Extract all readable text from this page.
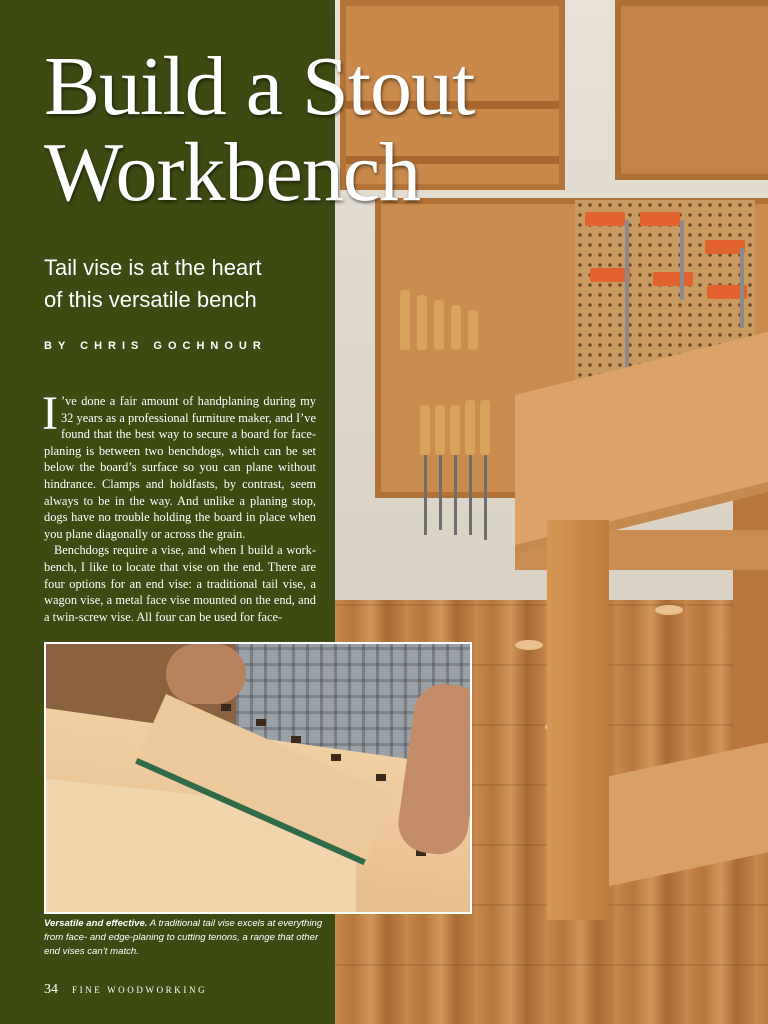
Build a Stout
Workbench
Tail vise is at the heart
of this versatile bench
BY CHRIS GOCHNOUR

I ’ve done a fair amount of handplaning during my 32 years as a professional furniture maker, and I’ve found that the best way to secure a board for face-planing is between two benchdogs, which can be set below the board’s surface so you can plane without hindrance. Clamps and holdfasts, by contrast, seem always to be in the way. And unlike a planing stop, dogs have no trouble holding the board in place when you plane diagonally or across the grain.

Benchdogs require a vise, and when I build a work-bench, I like to locate that vise on the end. There are four options for an end vise: a traditional tail vise, a wagon vise, a metal face vise mounted on the end, and a twin-screw vise. All four can be used for face-

Versatile and effective. A traditional tail vise excels at everything from face- and edge-planing to cutting tenons, a range that other end vises can’t match.
34 FINE WOODWORKING
